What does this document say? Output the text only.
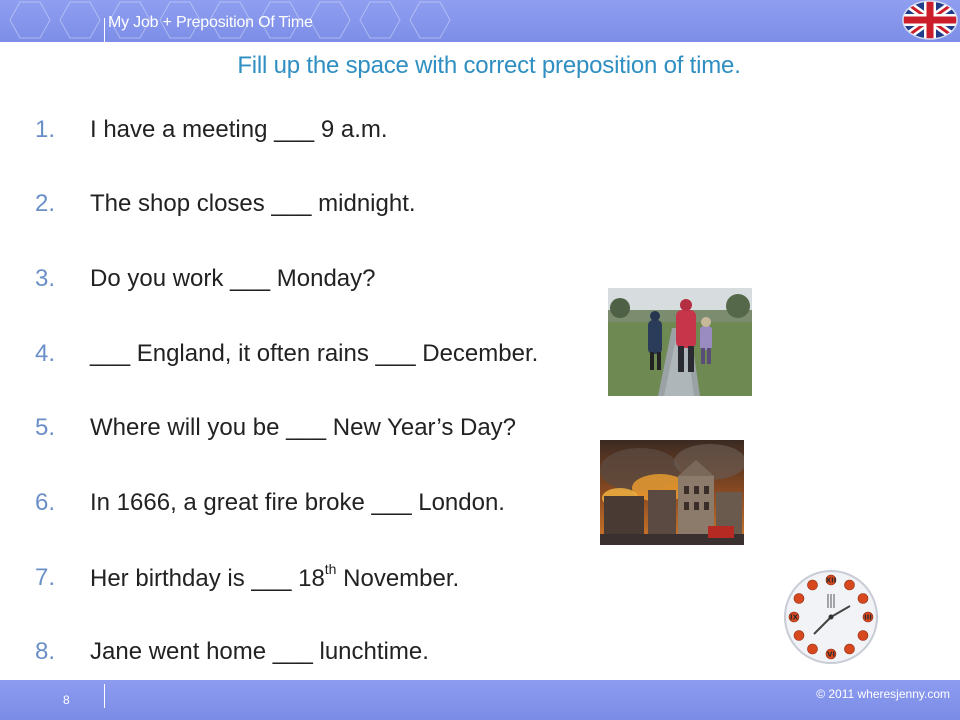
My Job + Preposition Of Time
Fill up the space with correct preposition of time.
1. I have a meeting ___ 9 a.m.
2. The shop closes ___ midnight.
3. Do you work ___ Monday?
4. ___ England, it often rains ___ December.
5. Where will you be ___ New Year’s Day?
6. In 1666, a great fire broke ___ London.
7. Her birthday is ___ 18th November.
8. Jane went home ___ lunchtime.
XII
III
VI
IX
8	© 2011 wheresjenny.com
